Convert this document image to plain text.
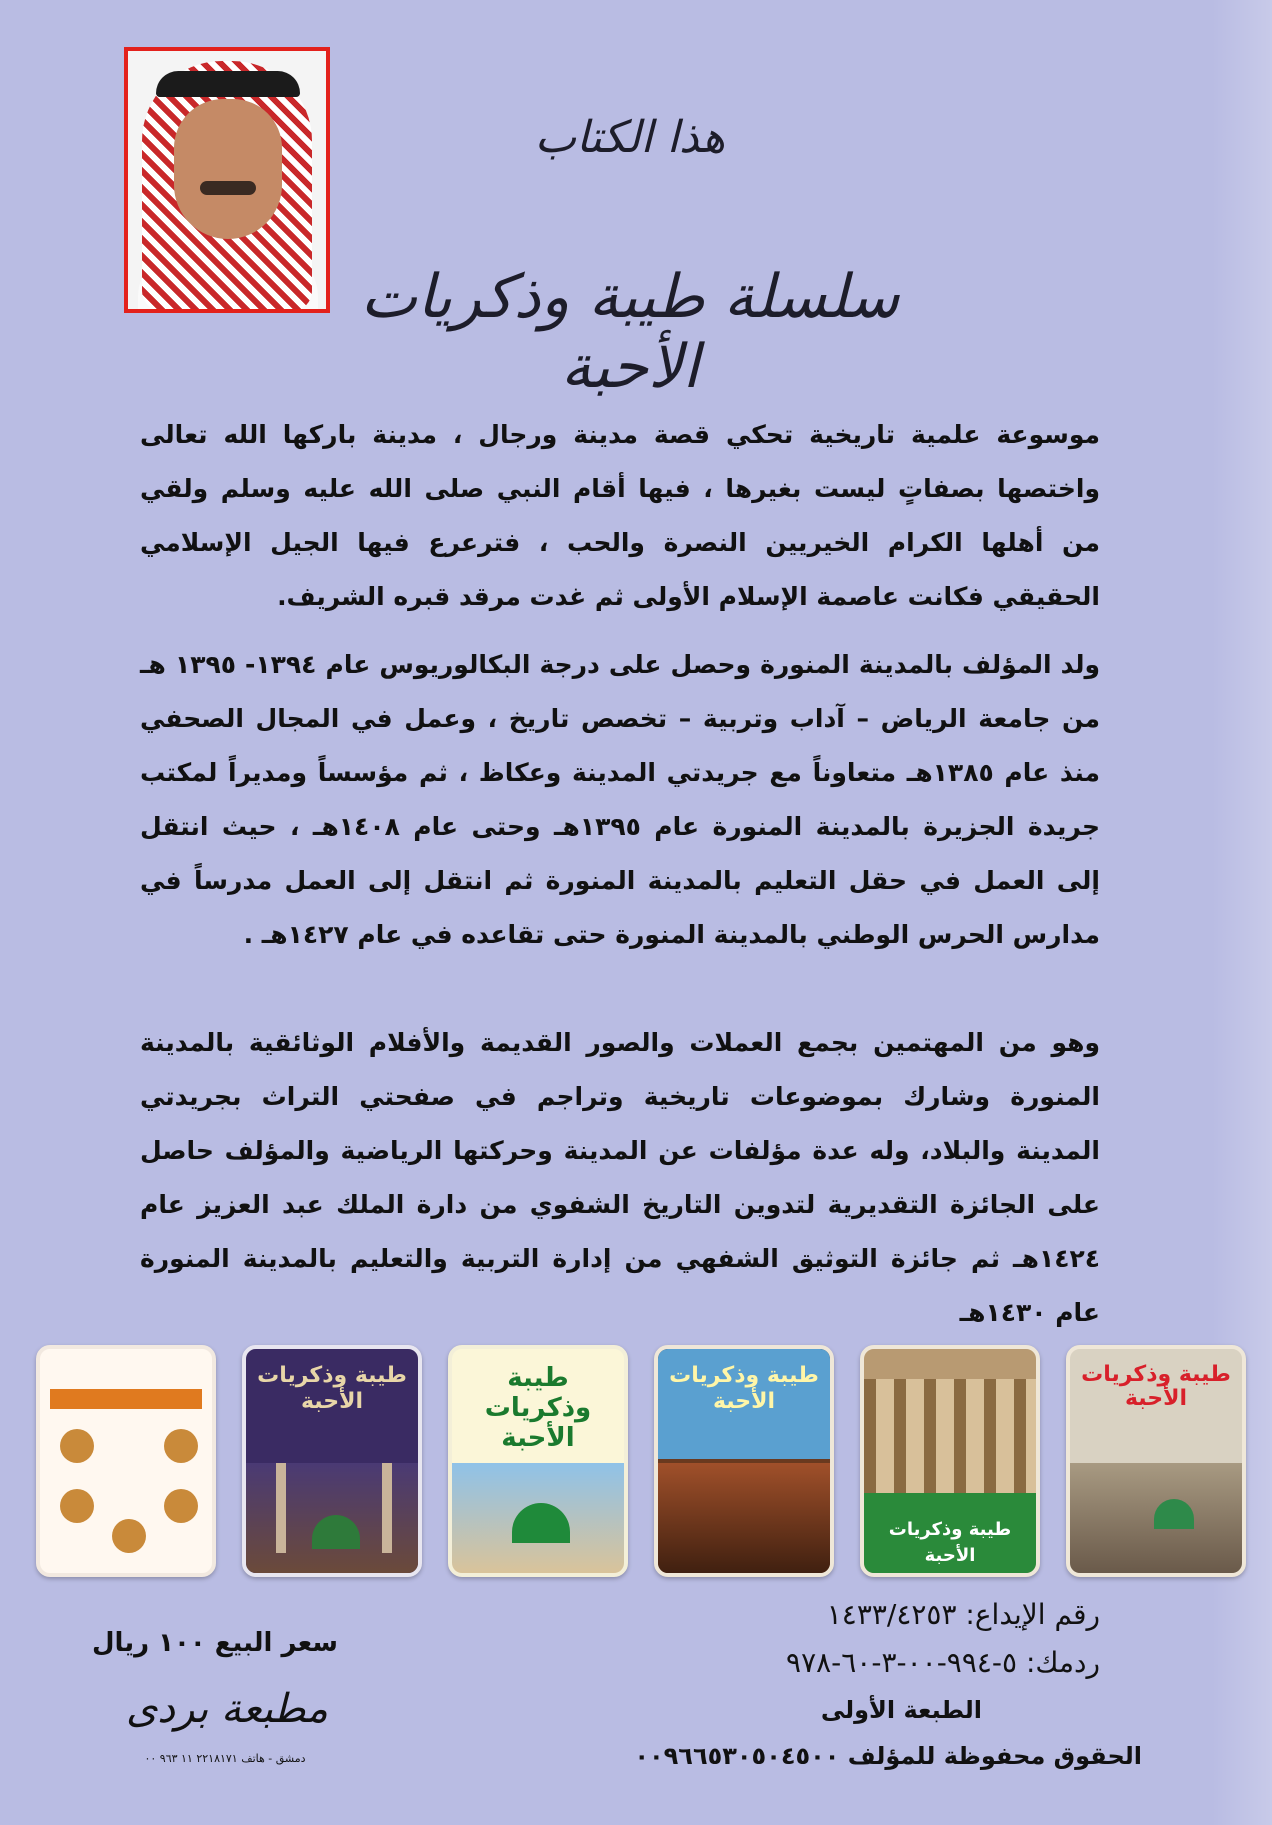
هذا الكتاب
سلسلة طيبة وذكريات الأحبة
موسوعة علمية تاريخية تحكي قصة مدينة ورجال ، مدينة باركها الله تعالى واختصها بصفاتٍ ليست بغيرها ، فيها أقام النبي صلى الله عليه وسلم ولقي من أهلها الكرام الخيريين النصرة والحب ، فترعرع فيها الجيل الإسلامي الحقيقي فكانت عاصمة الإسلام الأولى ثم غدت مرقد قبره الشريف.
ولد المؤلف بالمدينة المنورة وحصل على درجة البكالوريوس عام ١٣٩٤- ١٣٩٥ هـ من جامعة الرياض – آداب وتربية – تخصص تاريخ ، وعمل في المجال الصحفي منذ عام ١٣٨٥هـ متعاوناً مع جريدتي المدينة وعكاظ ، ثم مؤسساً ومديراً لمكتب جريدة الجزيرة بالمدينة المنورة عام ١٣٩٥هـ وحتى عام ١٤٠٨هـ ، حيث انتقل إلى العمل في حقل التعليم بالمدينة المنورة ثم انتقل إلى العمل مدرساً في مدارس الحرس الوطني بالمدينة المنورة حتى تقاعده في عام ١٤٢٧هـ .
وهو من المهتمين بجمع العملات والصور القديمة والأفلام الوثائقية بالمدينة المنورة وشارك بموضوعات تاريخية وتراجم في صفحتي التراث بجريدتي المدينة والبلاد، وله عدة مؤلفات عن المدينة وحركتها الرياضية والمؤلف حاصل على الجائزة التقديرية لتدوين التاريخ الشفوي من دارة الملك عبد العزيز عام ١٤٢٤هـ ثم جائزة التوثيق الشفهي من إدارة التربية والتعليم بالمدينة المنورة عام ١٤٣٠هـ
طيبة وذكريات الأحبة
طيبة وذكريات الأحبة
طيبة وذكريات الأحبة
طيبة وذكريات الأحبة
طيبة وذكريات الأحبة
رقم الإيداع: ١٤٣٣/٤٢٥٣
ردمك: ٥-٩٩٤-٠٠-٣-٦٠-٩٧٨
الطبعة الأولى
الحقوق محفوظة للمؤلف ٠٠٩٦٦٥٣٠٥٠٤٥٠٠
سعر البيع ١٠٠ ريال
مطبعة بردى
دمشق - هاتف ٢٢١٨١٧١ ١١ ٩٦٣ ٠٠
